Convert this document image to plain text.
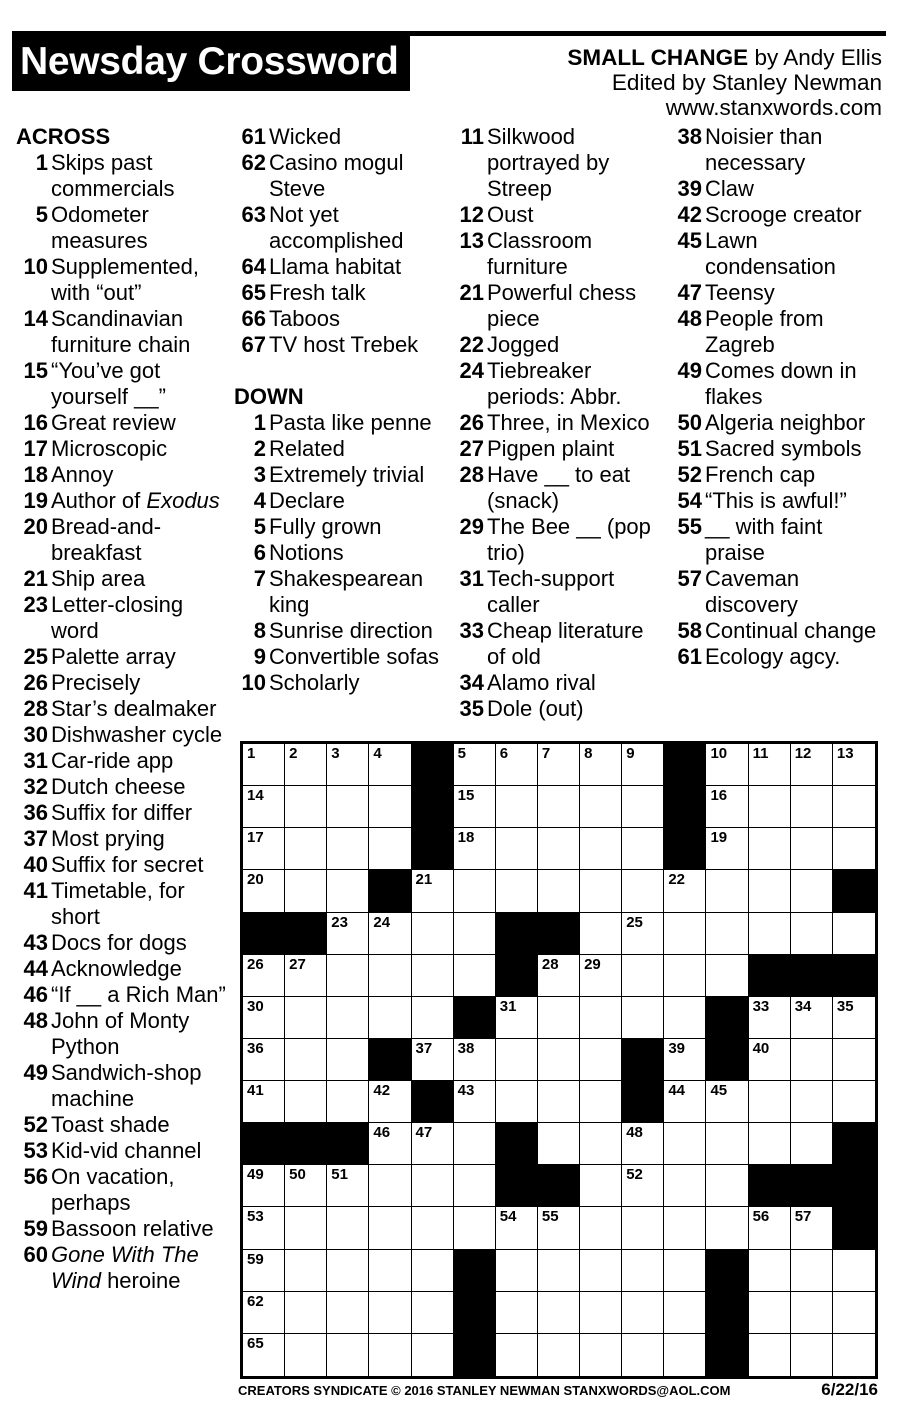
Newsday Crossword	SMALL CHANGE by Andy Ellis
Edited by Stanley Newman
www.stanxwords.com
ACROSS
1 Skips past commercials
5 Odometer measures
10 Supplemented, with “out”
14 Scandinavian furniture chain
15 “You’ve got yourself __”
16 Great review
17 Microscopic
18 Annoy
19 Author of Exodus
20 Bread-and-breakfast
21 Ship area
23 Letter-closing word
25 Palette array
26 Precisely
28 Star’s dealmaker
30 Dishwasher cycle
31 Car-ride app
32 Dutch cheese
36 Suffix for differ
37 Most prying
40 Suffix for secret
41 Timetable, for short
43 Docs for dogs
44 Acknowledge
46 “If __ a Rich Man”
48 John of Monty Python
49 Sandwich-shop machine
52 Toast shade
53 Kid-vid channel
56 On vacation, perhaps
59 Bassoon relative
60 Gone With The Wind heroine
61 Wicked
62 Casino mogul Steve
63 Not yet accomplished
64 Llama habitat
65 Fresh talk
66 Taboos
67 TV host Trebek
DOWN
1 Pasta like penne
2 Related
3 Extremely trivial
4 Declare
5 Fully grown
6 Notions
7 Shakespearean king
8 Sunrise direction
9 Convertible sofas
10 Scholarly
11 Silkwood portrayed by Streep
12 Oust
13 Classroom furniture
21 Powerful chess piece
22 Jogged
24 Tiebreaker periods: Abbr.
26 Three, in Mexico
27 Pigpen plaint
28 Have __ to eat (snack)
29 The Bee __ (pop trio)
31 Tech-support caller
33 Cheap literature of old
34 Alamo rival
35 Dole (out)
38 Noisier than necessary
39 Claw
42 Scrooge creator
45 Lawn condensation
47 Teensy
48 People from Zagreb
49 Comes down in flakes
50 Algeria neighbor
51 Sacred symbols
52 French cap
54 “This is awful!”
55 __ with faint praise
57 Caveman discovery
58 Continual change
61 Ecology agcy.
1 2 3 4	5 6 7 8 9	10 11 12 13
14	15	16
17	18	19
20	21	22
23 24	25
26 27	28 29
30	31	33 34 35
36	37 38	39	40
41	42	43	44 45
46 47	48
49 50 51	52
53	54 55	56 57
59
62
65
CREATORS SYNDICATE © 2016 STANLEY NEWMAN STANXWORDS@AOL.COM	6/22/16
